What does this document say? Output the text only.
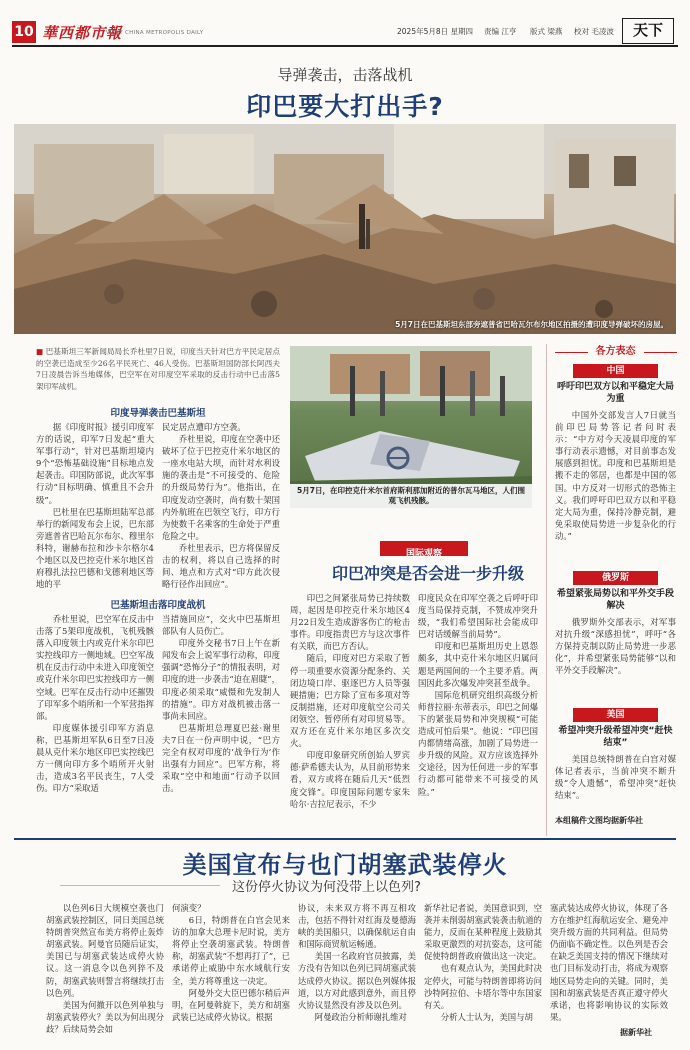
10 華西都市報
WEST CHINA METROPOLIS DAILY	2025年5月8日 星期四 责编 江亨 版式 梁燕 校对 毛凌波	天下
导弹袭击，击落战机
印巴要大打出手?
5月7日在巴基斯坦东部旁遮普省巴哈瓦尔布尔地区拍摄的遭印度导弹破坏的房屋。
■ 巴基斯坦三军新闻局局长乔杜里7日说，印度当天针对巴方平民定居点的空袭已造成至少26名平民死亡、46人受伤。巴基斯坦国防部长阿西夫7日凌晨告诉当地媒体，巴空军在对印度空军采取的反击行动中已击落5架印军战机。
印度导弹袭击巴基斯坦

据《印度时报》援引印度军方的话说，印军7日发起“重大军事行动”，针对巴基斯坦境内9个“恐怖基础设施”目标地点发起袭击。印国防部说，此次军事行动“目标明确、慎重且不会升级”。

巴杜里在巴基斯坦陆军总部举行的新闻发布会上说，巴东部旁遮普省巴哈瓦尔布尔、穆里尔科特，谢赫布拉和沙卡尔格尔4个地区以及巴控克什米尔地区首府穆扎法拉巴德和戈德利地区等地的平

民定居点遭印方空袭。

乔杜里说，印度在空袭中还破坏了位于巴控克什米尔地区的一座水电站大坝，而针对水利设施的袭击是“不可接受的、危险的升级局势行为”。他指出，在印度发动空袭时，尚有数十架国内外航班在巴领空飞行，印方行为使数千名乘客的生命处于严重危险之中。

乔杜里表示，巴方将保留反击的权利，将以自己选择的时间、地点和方式对“印方此次侵略行径作出回应”。

巴基斯坦击落印度战机

乔杜里说，巴空军在反击中击落了5架印度战机，飞机残骸落入印度领土内或克什米尔印巴实控线印方一侧地域。巴空军战机在反击行动中未进入印度领空或克什米尔印巴实控线印方一侧空域。巴军在反击行动中还摧毁了印军多个哨所和一个军营指挥部。

印度媒体援引印军方消息称，巴基斯坦军队6日至7日凌晨从克什米尔地区印巴实控线巴方一侧向印方多个哨所开火射击，造成3名平民丧生，7人受伤。印方“采取适

当措施回应”，交火中巴基斯坦部队有人员伤亡。

印度外交秘书7日上午在新闻发布会上说军事行动称，印度强调“恐怖分子”的情报表明，对印度的进一步袭击“迫在眉睫”，印度必须采取“威慑和先发制人的措施”。印方对战机被击落一事尚未回应。

巴基斯坦总理夏巴兹·谢里夫7日在一份声明中说，“巴方完全有权对印度的‘战争行为’作出强有力回应”。巴军方称，将采取“空中和地面”行动予以回击。

5月7日，在印控克什米尔首府斯利那加附近的普尔瓦马地区，人们围观飞机残骸。
国际观察
印巴冲突是否会进一步升级

印巴之间紧张局势已持续数周，起因是印控克什米尔地区4月22日发生造成游客伤亡的枪击事件。印度指责巴方与这次事件有关联，而巴方否认。

随后，印度对巴方采取了暂停一项重要水资源分配条约、关闭边境口岸、驱逐巴方人员等强硬措施；巴方除了宣布多项对等反制措施，还对印度航空公司关闭领空、暂停所有对印贸易等。双方还在克什米尔地区多次交火。

印度印象研究所创始人罗宾德·萨希德夫认为，从目前形势来看，双方或将在随后几天“低烈度交锋”。印度国际问题专家朱哈尔·吉拉尼表示，不少

印度民众在印军空袭之后呼吁印度当局保持克制，不赞成冲突升级，“我们希望国际社会能成印巴对话缓解当前局势”。

印度和巴基斯坦历史上恩怨颇多，其中克什米尔地区归属问题是两国间的一个主要矛盾。两国因此多次爆发冲突甚至战争。

国际危机研究组织高级分析师普拉丽·东蒂表示，印巴之间爆下的紧张局势和冲突规模“可能造成可怕后果”。他说：“印巴国内都情绪高涨，加剧了局势进一步升级的风险。双方应该选择外交途径，因为任何进一步的军事行动都可能带来不可接受的风险。”

各方表态
中国
呼吁印巴双方以和平稳定大局为重

中国外交部发言人7日就当前印巴局势答记者问时表示：“中方对今天凌晨印度的军事行动表示遗憾，对目前事态发展感到担忧。印度和巴基斯坦是搬不走的邻居，也都是中国的邻国。中方反对一切形式的恐怖主义。我们呼吁印巴双方以和平稳定大局为重，保持冷静克制，避免采取使局势进一步复杂化的行动。”

俄罗斯
希望紧张局势以和平外交手段解决

俄罗斯外交部表示，对军事对抗升级“深感担忧”，呼吁“各方保持克制以防止局势进一步恶化”，并希望紧张局势能够“以和平外交手段解决”。

美国
希望冲突升级希望冲突“赶快结束”

美国总统特朗普在白宫对媒体记者表示，当前冲突不断升级“令人遗憾”，希望冲突“赶快结束”。

本组稿件文图均据新华社
美国宣布与也门胡塞武装停火
这份停火协议为何没带上以色列?

以色列6日大规模空袭也门胡塞武装控制区，同日美国总统特朗普突然宣布美方将停止轰炸胡塞武装。阿曼官员随后证实，美国已与胡塞武装达成停火协议。这一消息令以色列猝不及防，胡塞武装则誓言将继续打击以色列。

美国为何撤开以色列单独与胡塞武装停火？美以为何出现分歧？后续局势会如

何演变？

6日，特朗普在白宫会见来访的加拿大总理卡尼时说，美方将停止空袭胡塞武装。特朗普称，胡塞武装“不想再打了”，已承诺停止威胁中东水域航行安全，美方将尊重这一决定。

阿曼外交大臣巴德尔稍后声明，在阿曼斡旋下，美方和胡塞武装已达成停火协议。根据

协议，未来双方将不再互相攻击，包括不得针对红海及曼德海峡的美国船只，以确保航运自由和国际商贸航运畅通。

美国一名政府官员披露，美方没有告知以色列已同胡塞武装达成停火协议。据以色列媒体报道，以方对此感到意外，而且停火协议显然没有涉及以色列。

阿曼政治分析师谢扎维对

新华社记者说，美国意识到，空袭并未削弱胡塞武装袭击航道的能力，反而在某种程度上鼓励其采取更激烈的对抗姿态，这可能促使特朗普政府做出这一决定。

也有观点认为，美国此时决定停火，可能与特朗普即将访问沙特阿拉伯、卡塔尔等中东国家有关。

分析人士认为，美国与胡

塞武装达成停火协议，体现了各方在维护红海航运安全、避免冲突升级方面的共同利益。但局势仍面临不确定性。以色列是否会在缺乏美国支持的情况下继续对也门目标发动打击，将成为观察地区局势走向的关键。同时，美国和胡塞武装是否真正遵守停火承诺，也将影响协议的实际效果。

据新华社
